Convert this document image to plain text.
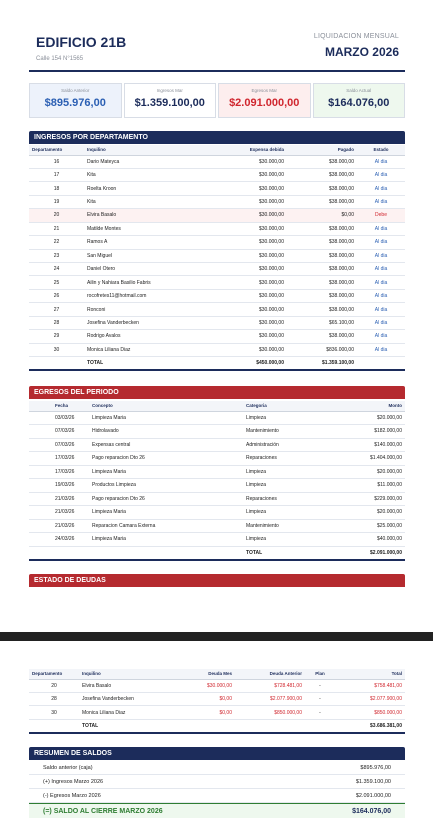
EDIFICIO 21B
Calle 154 N°1565
LIQUIDACION MENSUAL
MARZO 2026
Saldo Anterior
$895.976,00
Ingresos Mar
$1.359.100,00
Egresos Mar
$2.091.000,00
Saldo Actual
$164.076,00
INGRESOS POR DEPARTAMENTO
Departamento	Inquilino	Expensa debida	Pagado	Estado
16	Dario Mateyca	$30.000,00	$38.000,00	Al dia
17	Kita	$30.000,00	$38.000,00	Al dia
18	Roelta Kroon	$30.000,00	$38.000,00	Al dia
19	Kita	$30.000,00	$38.000,00	Al dia
20	Elvira Basalo	$30.000,00	$0,00	Debe
21	Matilde Montes	$30.000,00	$38.000,00	Al dia
22	Ramos A	$30.000,00	$38.000,00	Al dia
23	San Miguel	$30.000,00	$38.000,00	Al dia
24	Daniel Otero	$30.000,00	$38.000,00	Al dia
25	Ailin y Nahiara Basilio Fabris	$30.000,00	$38.000,00	Al dia
26	rocofretes11@hotmail.com	$30.000,00	$38.000,00	Al dia
27	Ronconi	$30.000,00	$38.000,00	Al dia
28	Josefina Vanderbecken	$30.000,00	$65.100,00	Al dia
29	Rodrigo Avalos	$30.000,00	$38.000,00	Al dia
30	Monica Liliana Diaz	$30.000,00	$836.000,00	Al dia
	TOTAL	$450.000,00	$1.359.100,00	
EGRESOS DEL PERIODO
Fecha	Concepto	Categoria	Monto
03/03/26	Limpieza Maria	Limpieza	$20.000,00
07/03/26	Hidrolavado	Mantenimiento	$182.000,00
07/03/26	Expensas central	Administración	$140.000,00
17/03/26	Pago reparacion Dto 26	Reparaciones	$1.404.000,00
17/03/26	Limpieza Maria	Limpieza	$20.000,00
19/03/26	Productos Limpieza	Limpieza	$11.000,00
21/03/26	Pago reparacion Dto 26	Reparaciones	$229.000,00
21/03/26	Limpieza Maria	Limpieza	$20.000,00
21/03/26	Reparacion Camara Externa	Mantenimiento	$25.000,00
24/03/26	Limpieza Maria	Limpieza	$40.000,00
		TOTAL	$2.091.000,00
ESTADO DE DEUDAS
Departamento	Inquilino	Deuda Mes	Deuda Anterior	Plan	Total
20	Elvira Basalo	$30.000,00	$728.481,00	-	$758.481,00
28	Josefina Vanderbecken	$0,00	$2.077.900,00	-	$2.077.900,00
30	Monica Liliana Diaz	$0,00	$850.000,00	-	$850.000,00
	TOTAL				$3.686.381,00
RESUMEN DE SALDOS
Saldo anterior (caja)	$895.976,00
(+) Ingresos Marzo 2026	$1.359.100,00
(-) Egresos Marzo 2026	$2.091.000,00
(=) SALDO AL CIERRE MARZO 2026	$164.076,00
